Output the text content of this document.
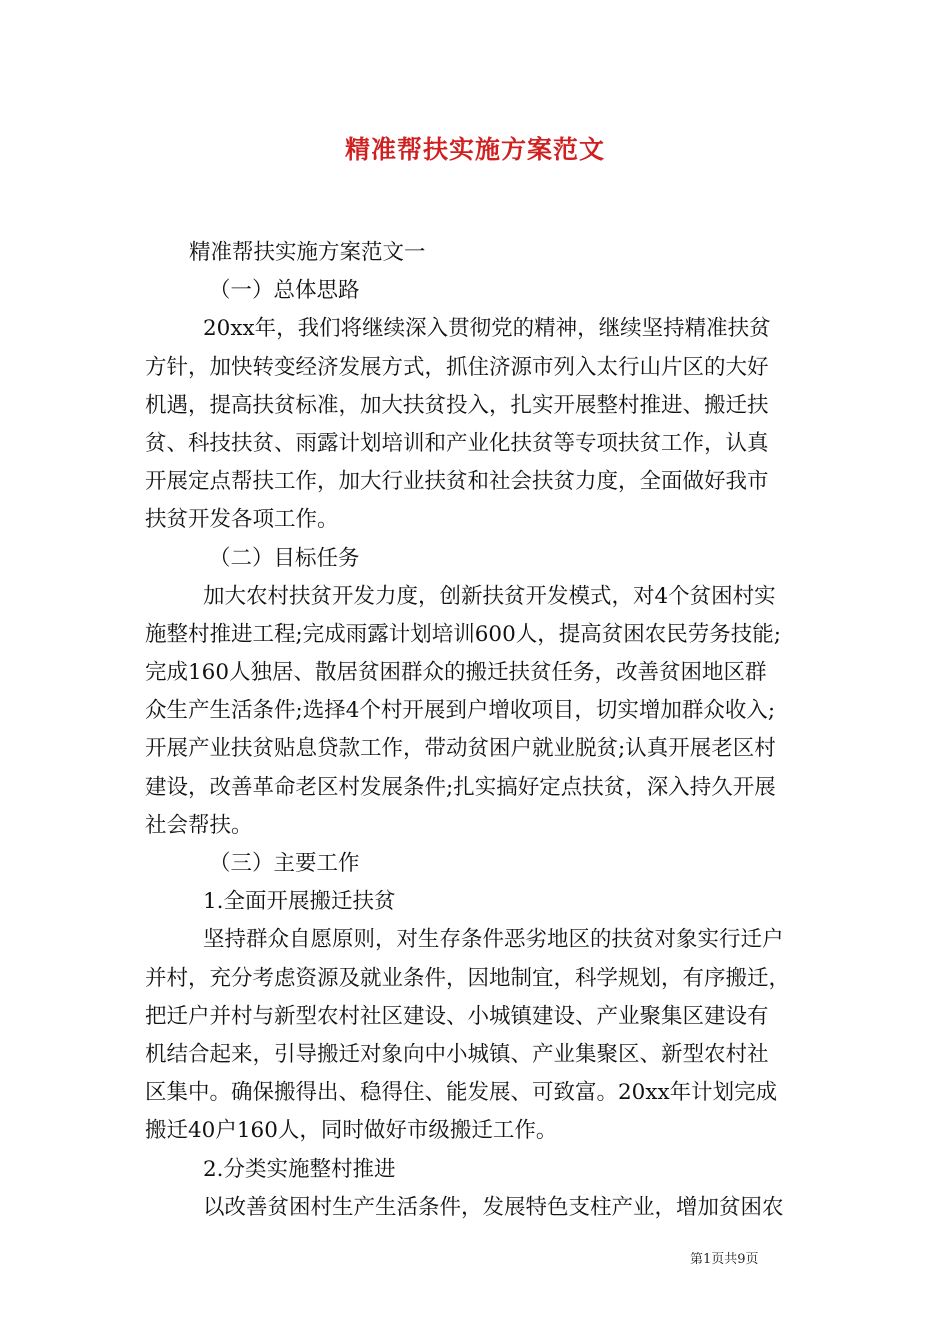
精准帮扶实施方案范文
精准帮扶实施方案范文一
（一）总体思路
20xx年，我们将继续深入贯彻党的精神，继续坚持精准扶贫
方针，加快转变经济发展方式，抓住济源市列入太行山片区的大好
机遇，提高扶贫标准，加大扶贫投入，扎实开展整村推进、搬迁扶
贫、科技扶贫、雨露计划培训和产业化扶贫等专项扶贫工作，认真
开展定点帮扶工作，加大行业扶贫和社会扶贫力度，全面做好我市
扶贫开发各项工作。
（二）目标任务
加大农村扶贫开发力度，创新扶贫开发模式，对4个贫困村实
施整村推进工程;完成雨露计划培训600人，提高贫困农民劳务技能;
完成160人独居、散居贫困群众的搬迁扶贫任务，改善贫困地区群
众生产生活条件;选择4个村开展到户增收项目，切实增加群众收入;
开展产业扶贫贴息贷款工作，带动贫困户就业脱贫;认真开展老区村
建设，改善革命老区村发展条件;扎实搞好定点扶贫，深入持久开展
社会帮扶。
（三）主要工作
1.全面开展搬迁扶贫
坚持群众自愿原则，对生存条件恶劣地区的扶贫对象实行迁户
并村，充分考虑资源及就业条件，因地制宜，科学规划，有序搬迁，
把迁户并村与新型农村社区建设、小城镇建设、产业聚集区建设有
机结合起来，引导搬迁对象向中小城镇、产业集聚区、新型农村社
区集中。确保搬得出、稳得住、能发展、可致富。20xx年计划完成
搬迁40户160人，同时做好市级搬迁工作。
2.分类实施整村推进
以改善贫困村生产生活条件，发展特色支柱产业，增加贫困农
第1页共9页
